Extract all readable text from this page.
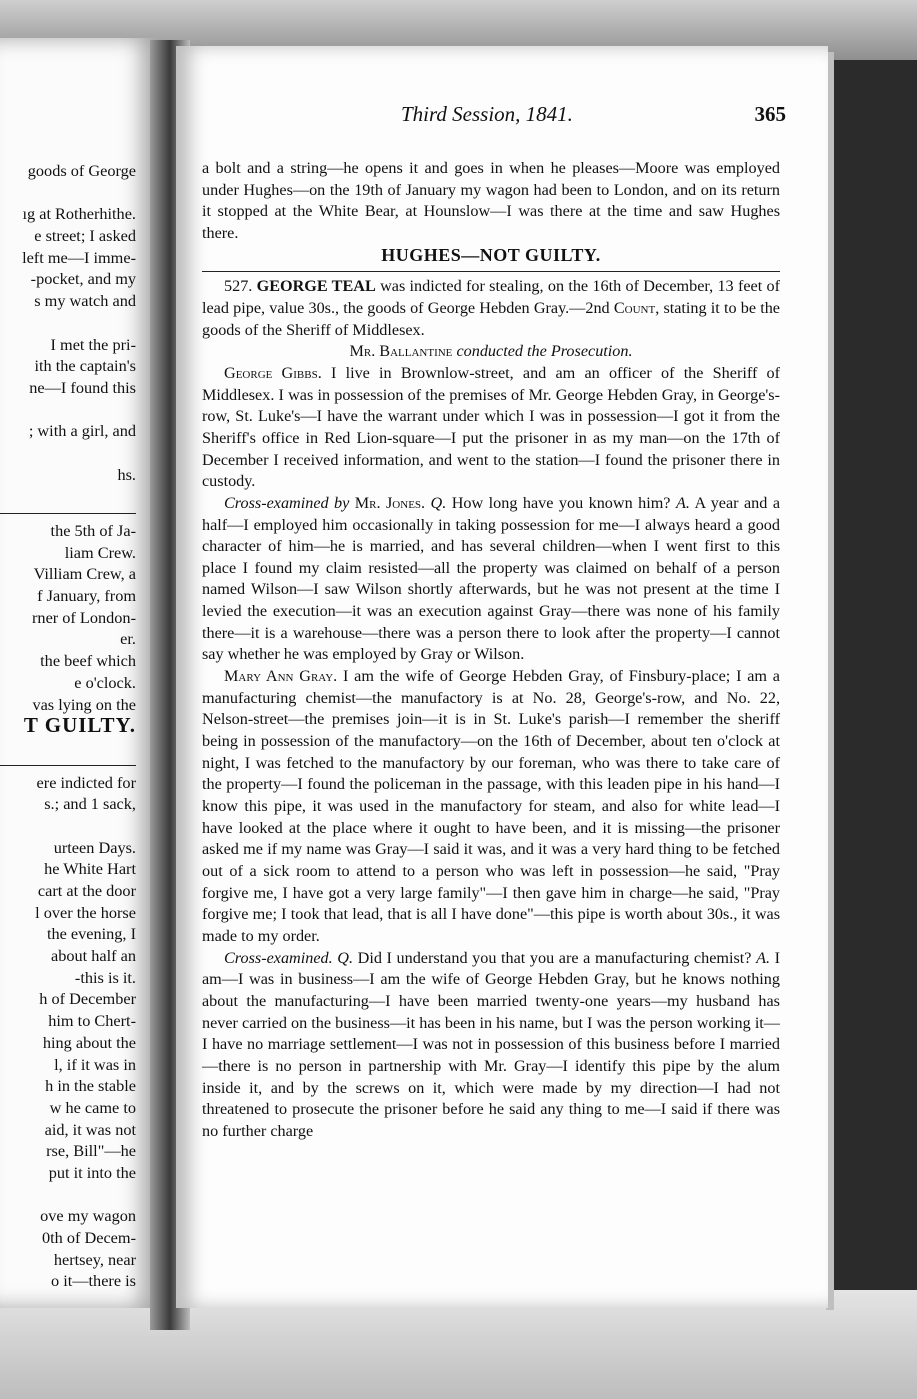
goods of George
ıg at Rotherhithe.
e street; I asked
left me—I imme-
-pocket, and my
s my watch and
I met the pri-
ith the captain's
ne—I found this
; with a girl, and
hs.
the 5th of Ja-
liam Crew.
Villiam Crew, a
f January, from
rner of London-
er.
the beef which
e o'clock.
vas lying on the
T GUILTY.
ere indicted for
s.; and 1 sack,
urteen Days.
he White Hart
cart at the door
l over the horse
the evening, I
about half an
-this is it.
h of December
him to Chert-
hing about the
l, if it was in
h in the stable
w he came to
aid, it was not
rse, Bill"—he
put it into the
ove my wagon
0th of Decem-
hertsey, near
o it—there is
Third Session, 1841.	365

a bolt and a string—he opens it and goes in when he pleases—Moore was employed under Hughes—on the 19th of January my wagon had been to London, and on its return it stopped at the White Bear, at Hounslow—I was there at the time and saw Hughes there.

HUGHES—NOT GUILTY.

527. GEORGE TEAL was indicted for stealing, on the 16th of December, 13 feet of lead pipe, value 30s., the goods of George Hebden Gray.—2nd Count, stating it to be the goods of the Sheriff of Middlesex.

Mr. Ballantine conducted the Prosecution.

George Gibbs. I live in Brownlow-street, and am an officer of the Sheriff of Middlesex. I was in possession of the premises of Mr. George Hebden Gray, in George's-row, St. Luke's—I have the warrant under which I was in possession—I got it from the Sheriff's office in Red Lion-square—I put the prisoner in as my man—on the 17th of December I received information, and went to the station—I found the prisoner there in custody.

Cross-examined by Mr. Jones. Q. How long have you known him? A. A year and a half—I employed him occasionally in taking possession for me—I always heard a good character of him—he is married, and has several children—when I went first to this place I found my claim resisted—all the property was claimed on behalf of a person named Wilson—I saw Wilson shortly afterwards, but he was not present at the time I levied the execution—it was an execution against Gray—there was none of his family there—it is a warehouse—there was a person there to look after the property—I cannot say whether he was employed by Gray or Wilson.

Mary Ann Gray. I am the wife of George Hebden Gray, of Finsbury-place; I am a manufacturing chemist—the manufactory is at No. 28, George's-row, and No. 22, Nelson-street—the premises join—it is in St. Luke's parish—I remember the sheriff being in possession of the manufactory—on the 16th of December, about ten o'clock at night, I was fetched to the manufactory by our foreman, who was there to take care of the property—I found the policeman in the passage, with this leaden pipe in his hand—I know this pipe, it was used in the manufactory for steam, and also for white lead—I have looked at the place where it ought to have been, and it is missing—the prisoner asked me if my name was Gray—I said it was, and it was a very hard thing to be fetched out of a sick room to attend to a person who was left in possession—he said, "Pray forgive me, I have got a very large family"—I then gave him in charge—he said, "Pray forgive me; I took that lead, that is all I have done"—this pipe is worth about 30s., it was made to my order.

Cross-examined. Q. Did I understand you that you are a manufacturing chemist? A. I am—I was in business—I am the wife of George Hebden Gray, but he knows nothing about the manufacturing—I have been married twenty-one years—my husband has never carried on the business—it has been in his name, but I was the person working it—I have no marriage settlement—I was not in possession of this business before I married—there is no person in partnership with Mr. Gray—I identify this pipe by the alum inside it, and by the screws on it, which were made by my direction—I had not threatened to prosecute the prisoner before he said any thing to me—I said if there was no further charge
